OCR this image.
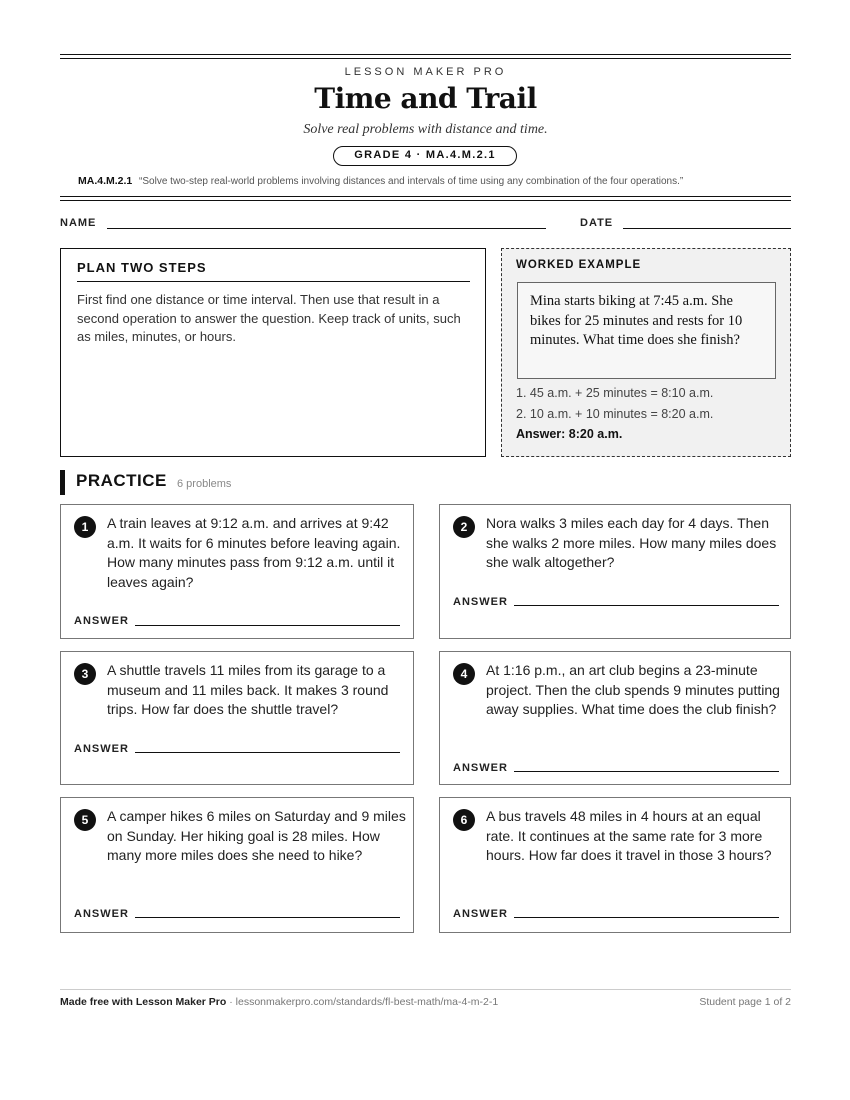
LESSON MAKER PRO
Time and Trail
Solve real problems with distance and time.
GRADE 4 · MA.4.M.2.1
MA.4.M.2.1 “Solve two-step real-world problems involving distances and intervals of time using any combination of the four operations.”
NAME	DATE
PLAN TWO STEPS
First find one distance or time interval. Then use that result in a second operation to answer the question. Keep track of units, such as miles, minutes, or hours.
WORKED EXAMPLE
Mina starts biking at 7:45 a.m. She bikes for 25 minutes and rests for 10 minutes. What time does she finish?
1. 45 a.m. + 25 minutes = 8:10 a.m.
2. 10 a.m. + 10 minutes = 8:20 a.m.
Answer: 8:20 a.m.
PRACTICE 6 problems
1	A train leaves at 9:12 a.m. and arrives at 9:42 a.m. It waits for 6 minutes before leaving again. How many minutes pass from 9:12 a.m. until it leaves again?
ANSWER
2	Nora walks 3 miles each day for 4 days. Then she walks 2 more miles. How many miles does she walk altogether?
ANSWER
3	A shuttle travels 11 miles from its garage to a museum and 11 miles back. It makes 3 round trips. How far does the shuttle travel?
ANSWER
4	At 1:16 p.m., an art club begins a 23-minute project. Then the club spends 9 minutes putting away supplies. What time does the club finish?
ANSWER
5	A camper hikes 6 miles on Saturday and 9 miles on Sunday. Her hiking goal is 28 miles. How many more miles does she need to hike?
ANSWER
6	A bus travels 48 miles in 4 hours at an equal rate. It continues at the same rate for 3 more hours. How far does it travel in those 3 hours?
ANSWER
Made free with Lesson Maker Pro · lessonmakerpro.com/standards/fl-best-math/ma-4-m-2-1	Student page 1 of 2
